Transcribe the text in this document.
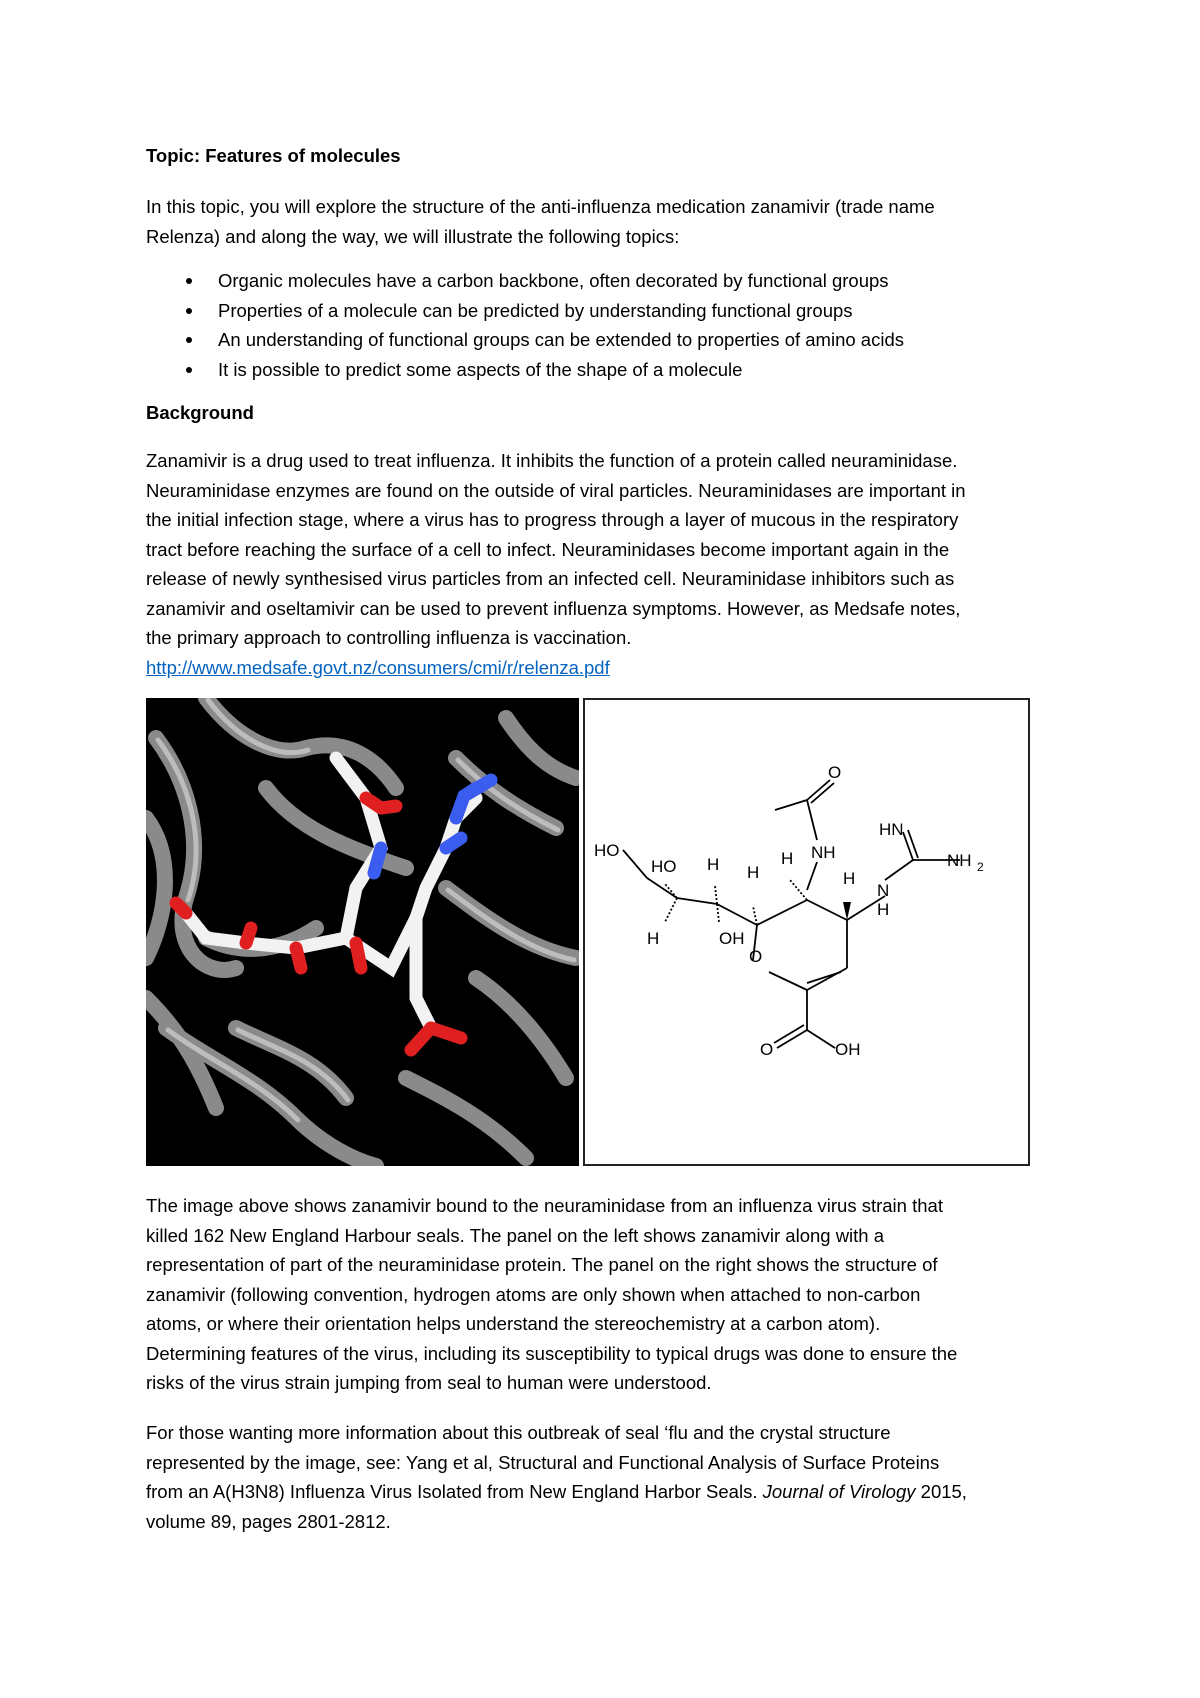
Topic: Features of molecules

In this topic, you will explore the structure of the anti-influenza medication zanamivir (trade name

Relenza) and along the way, we will illustrate the following topics:

Organic molecules have a carbon backbone, often decorated by functional groups
Properties of a molecule can be predicted by understanding functional groups
An understanding of functional groups can be extended to properties of amino acids
It is possible to predict some aspects of the shape of a molecule
Background

Zanamivir is a drug used to treat influenza. It inhibits the function of a protein called neuraminidase.

Neuraminidase enzymes are found on the outside of viral particles. Neuraminidases are important in

the initial infection stage, where a virus has to progress through a layer of mucous in the respiratory

tract before reaching the surface of a cell to infect. Neuraminidases become important again in the

release of newly synthesised virus particles from an infected cell. Neuraminidase inhibitors such as

zanamivir and oseltamivir can be used to prevent influenza symptoms. However, as Medsafe notes,

the primary approach to controlling influenza is vaccination.

http://www.medsafe.govt.nz/consumers/cmi/r/relenza.pdf

O
NH
H
HN
NH 2
N
H
H
HO
HO H H
OH
H
O
O	OH

The image above shows zanamivir bound to the neuraminidase from an influenza virus strain that

killed 162 New England Harbour seals. The panel on the left shows zanamivir along with a

representation of part of the neuraminidase protein. The panel on the right shows the structure of

zanamivir (following convention, hydrogen atoms are only shown when attached to non-carbon

atoms, or where their orientation helps understand the stereochemistry at a carbon atom).

Determining features of the virus, including its susceptibility to typical drugs was done to ensure the

risks of the virus strain jumping from seal to human were understood.

For those wanting more information about this outbreak of seal ‘flu and the crystal structure

represented by the image, see: Yang et al, Structural and Functional Analysis of Surface Proteins

from an A(H3N8) Influenza Virus Isolated from New England Harbor Seals. Journal of Virology 2015,

volume 89, pages 2801-2812.
